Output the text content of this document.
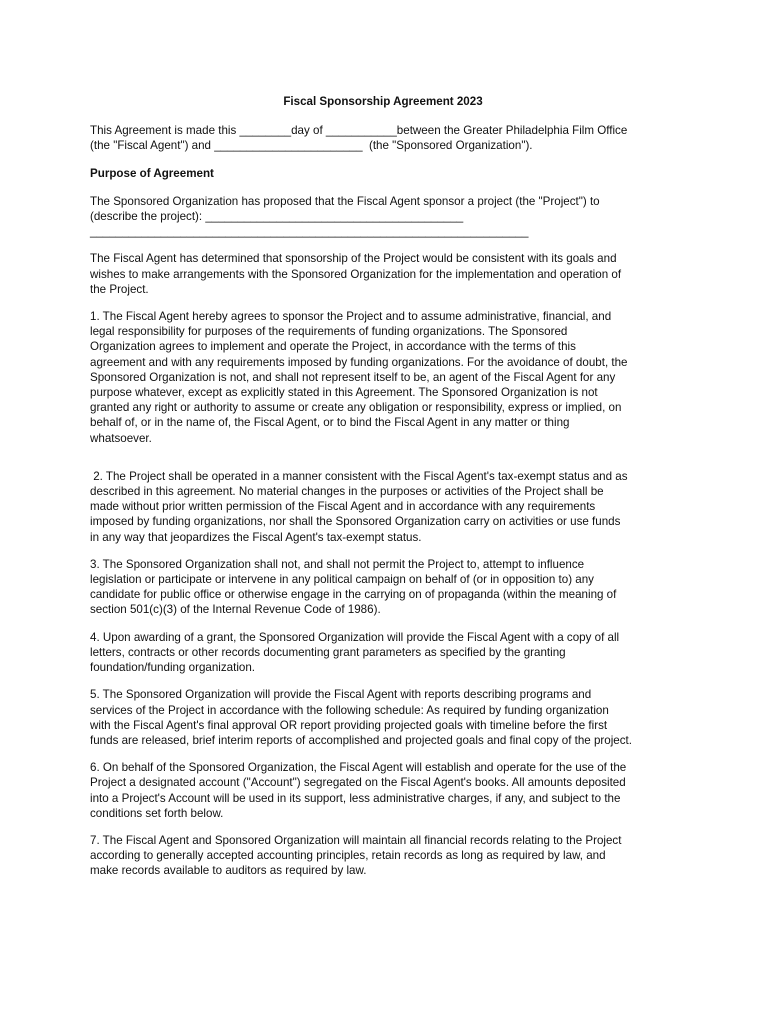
Fiscal Sponsorship Agreement 2023
This Agreement is made this ________day of ___________between the Greater Philadelphia Film Office
(the "Fiscal Agent") and _______________________  (the "Sponsored Organization").
Purpose of Agreement
The Sponsored Organization has proposed that the Fiscal Agent sponsor a project (the "Project") to
(describe the project): ________________________________________
____________________________________________________________________
The Fiscal Agent has determined that sponsorship of the Project would be consistent with its goals and
wishes to make arrangements with the Sponsored Organization for the implementation and operation of
the Project.
1. The Fiscal Agent hereby agrees to sponsor the Project and to assume administrative, financial, and
legal responsibility for purposes of the requirements of funding organizations. The Sponsored
Organization agrees to implement and operate the Project, in accordance with the terms of this
agreement and with any requirements imposed by funding organizations. For the avoidance of doubt, the
Sponsored Organization is not, and shall not represent itself to be, an agent of the Fiscal Agent for any
purpose whatever, except as explicitly stated in this Agreement. The Sponsored Organization is not
granted any right or authority to assume or create any obligation or responsibility, express or implied, on
behalf of, or in the name of, the Fiscal Agent, or to bind the Fiscal Agent in any matter or thing
whatsoever.
2. The Project shall be operated in a manner consistent with the Fiscal Agent's tax-exempt status and as
described in this agreement. No material changes in the purposes or activities of the Project shall be
made without prior written permission of the Fiscal Agent and in accordance with any requirements
imposed by funding organizations, nor shall the Sponsored Organization carry on activities or use funds
in any way that jeopardizes the Fiscal Agent's tax-exempt status.
3. The Sponsored Organization shall not, and shall not permit the Project to, attempt to influence
legislation or participate or intervene in any political campaign on behalf of (or in opposition to) any
candidate for public office or otherwise engage in the carrying on of propaganda (within the meaning of
section 501(c)(3) of the Internal Revenue Code of 1986).
4. Upon awarding of a grant, the Sponsored Organization will provide the Fiscal Agent with a copy of all
letters, contracts or other records documenting grant parameters as specified by the granting
foundation/funding organization.
5. The Sponsored Organization will provide the Fiscal Agent with reports describing programs and
services of the Project in accordance with the following schedule: As required by funding organization
with the Fiscal Agent's final approval OR report providing projected goals with timeline before the first
funds are released, brief interim reports of accomplished and projected goals and final copy of the project.
6. On behalf of the Sponsored Organization, the Fiscal Agent will establish and operate for the use of the
Project a designated account ("Account") segregated on the Fiscal Agent's books. All amounts deposited
into a Project's Account will be used in its support, less administrative charges, if any, and subject to the
conditions set forth below.
7. The Fiscal Agent and Sponsored Organization will maintain all financial records relating to the Project
according to generally accepted accounting principles, retain records as long as required by law, and
make records available to auditors as required by law.
